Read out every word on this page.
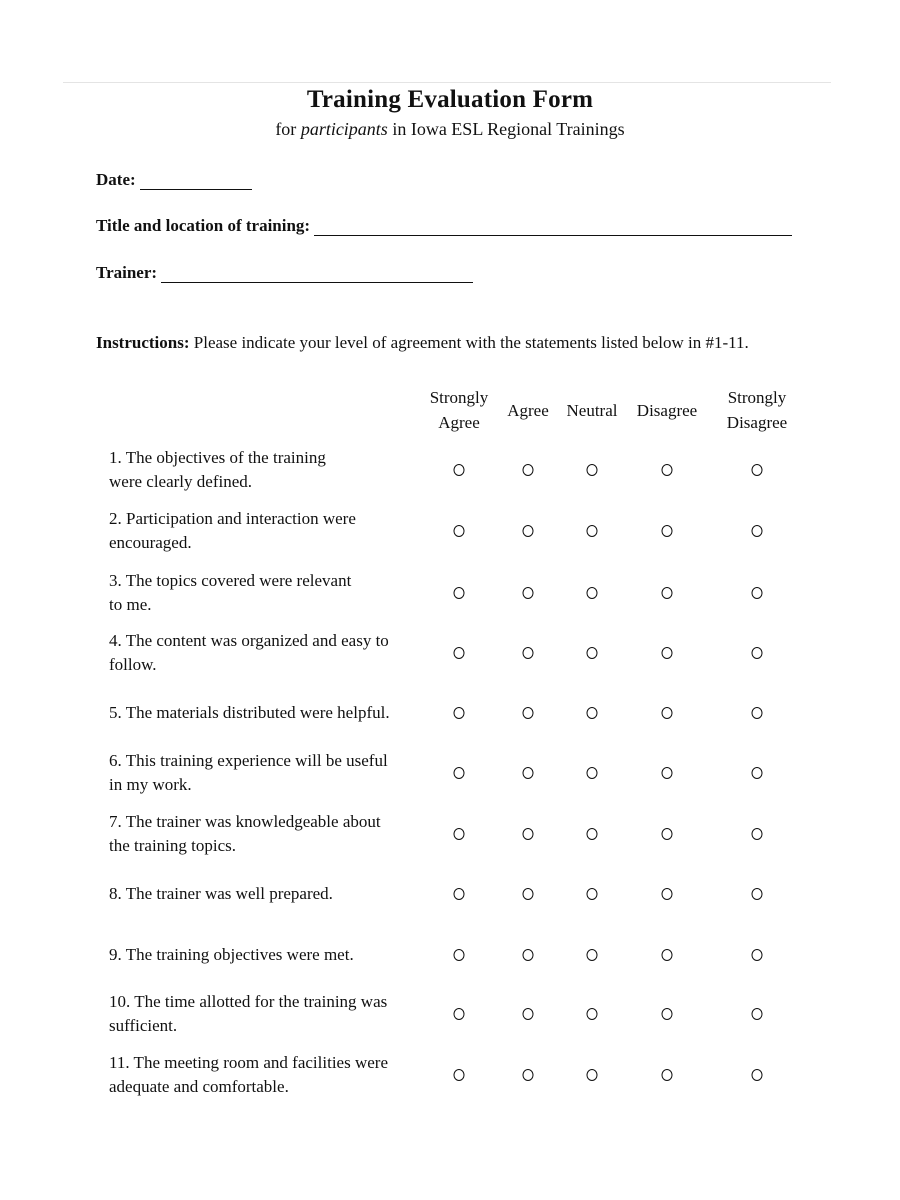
Training Evaluation Form
for participants in Iowa ESL Regional Trainings
Date:
Title and location of training:
Trainer:
Instructions: Please indicate your level of agreement with the statements listed below in #1-11.
Strongly
Agree
Agree Neutral Disagree
Strongly
Disagree
1. The objectives of the training
were clearly defined.
2. Participation and interaction were
encouraged.
3. The topics covered were relevant
to me.
4. The content was organized and easy to
follow.
5. The materials distributed were helpful.
6. This training experience will be useful
in my work.
7. The trainer was knowledgeable about
the training topics.
8. The trainer was well prepared.
9. The training objectives were met.
10. The time allotted for the training was
sufficient.
11. The meeting room and facilities were
adequate and comfortable.
